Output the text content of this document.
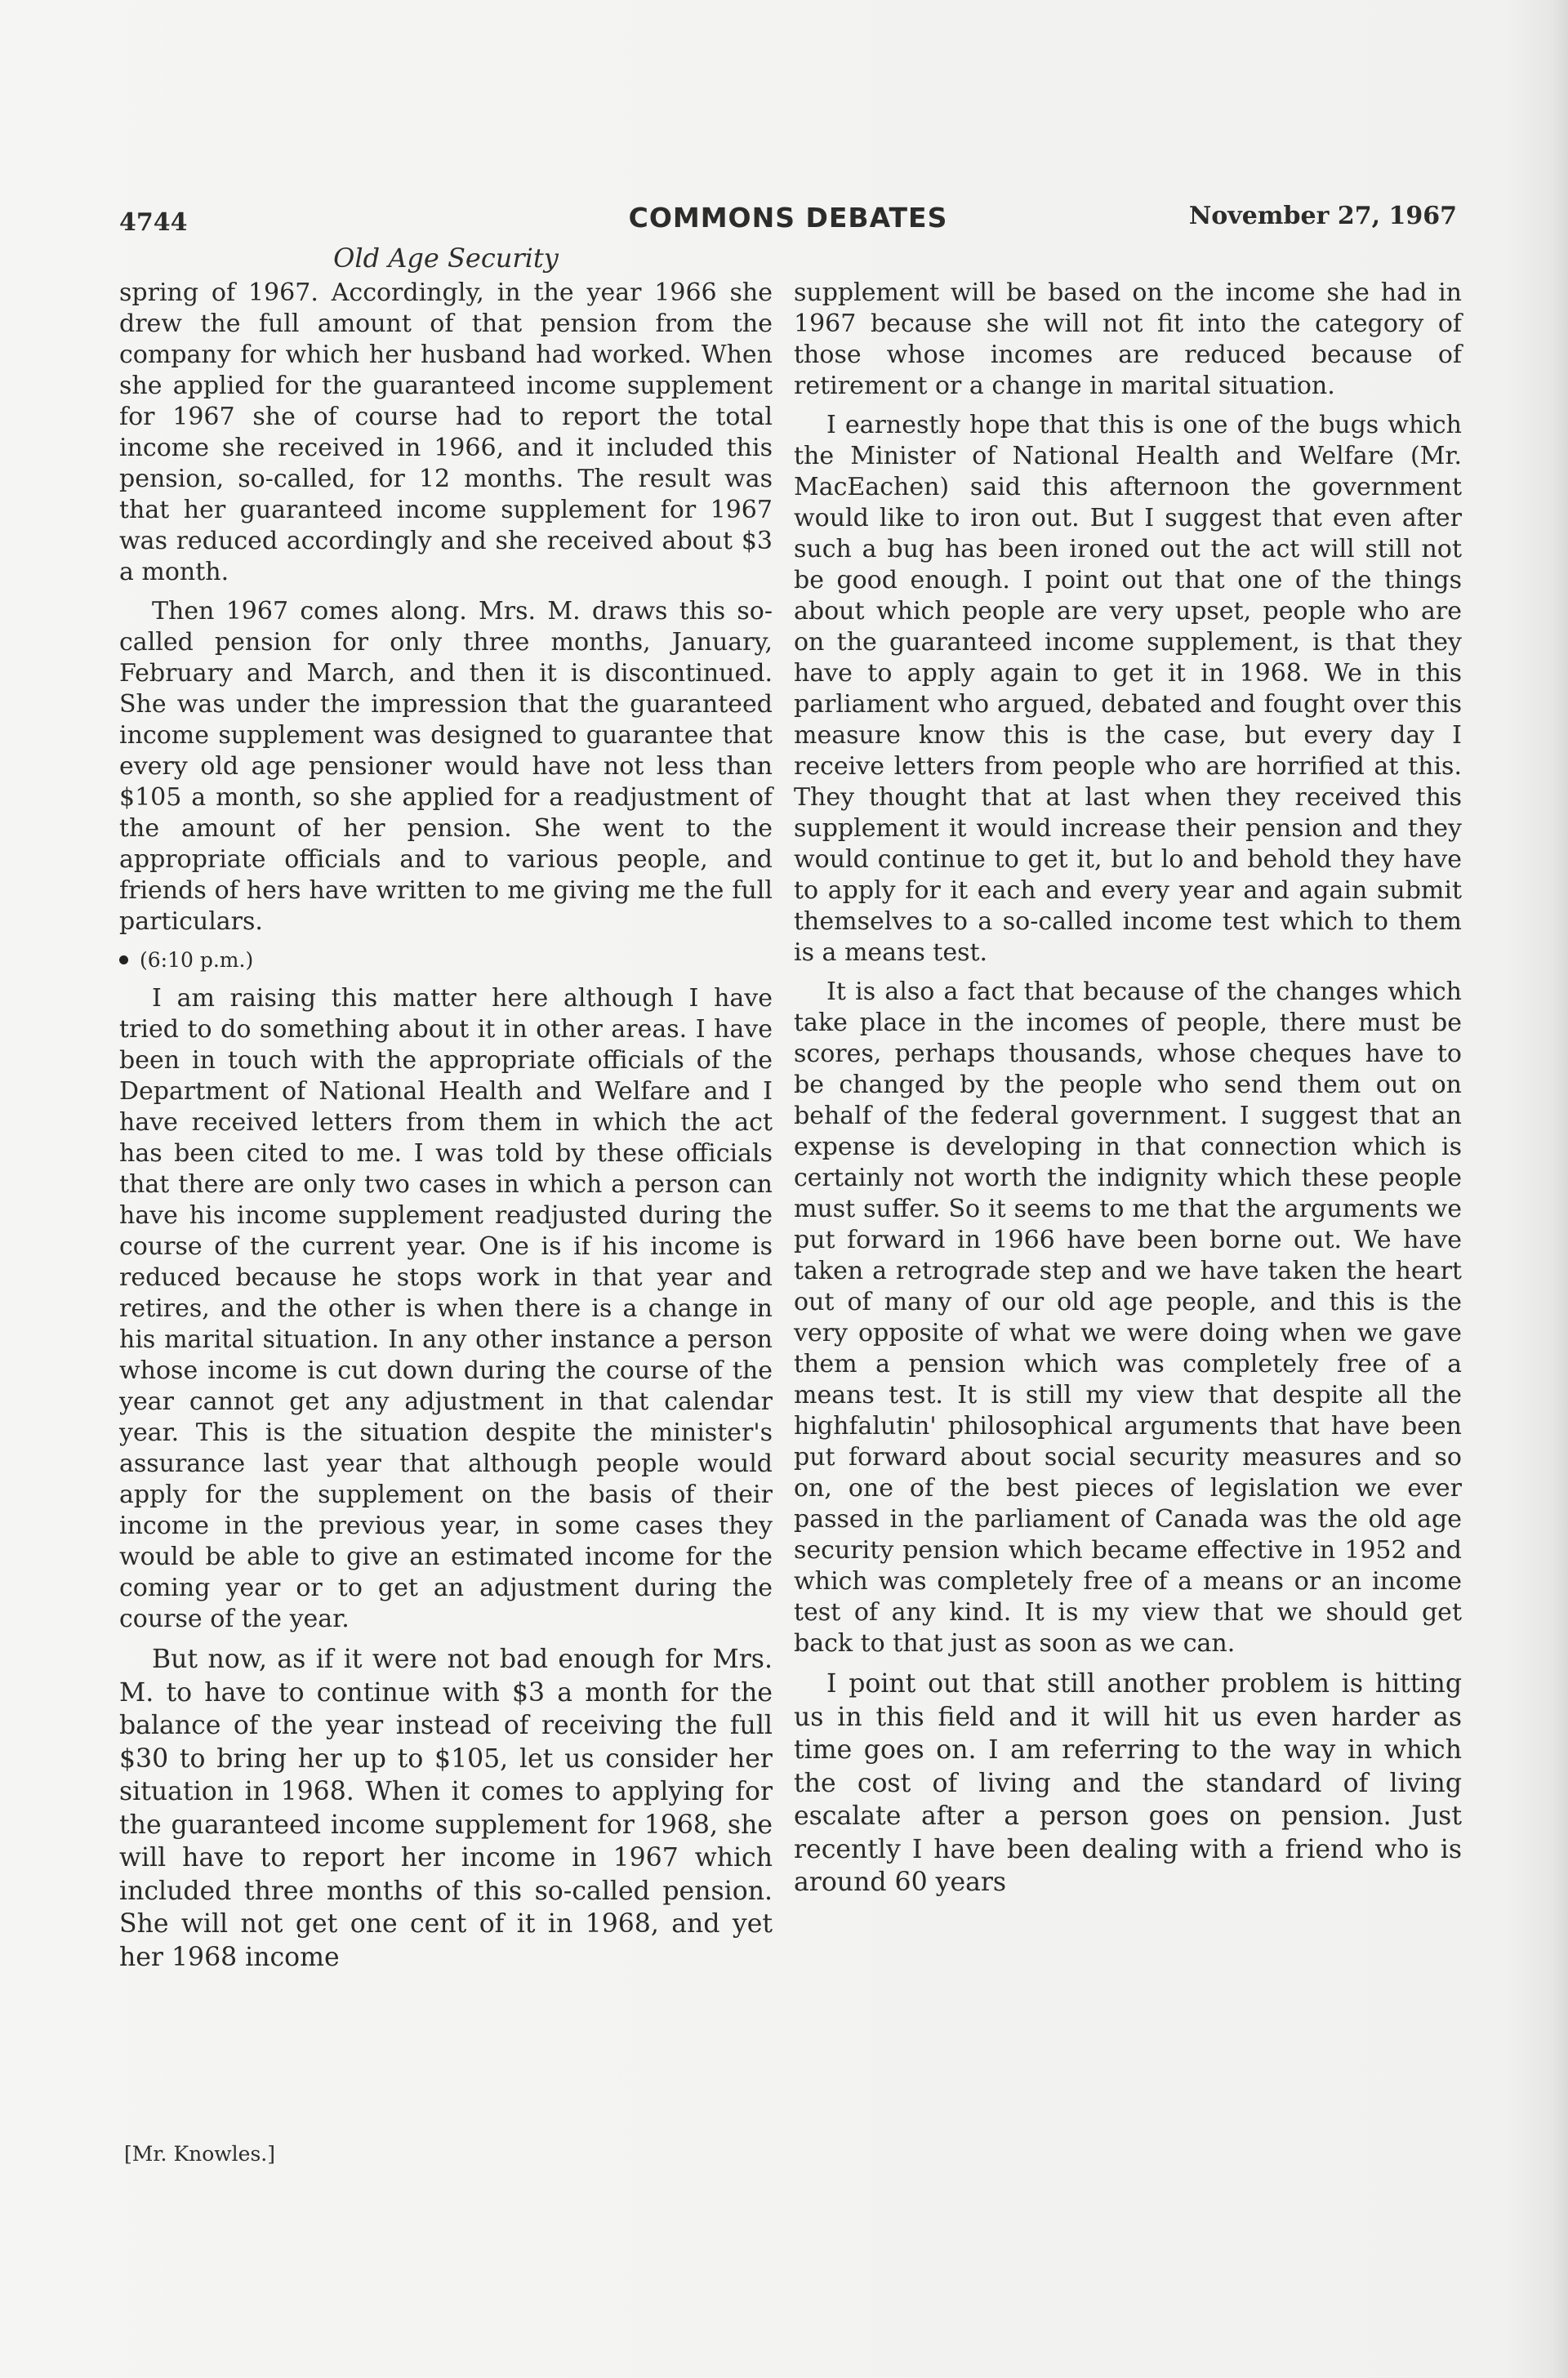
4744	COMMONS DEBATES	November 27, 1967
Old Age Security

spring of 1967. Accordingly, in the year 1966 she drew the full amount of that pension from the company for which her husband had worked. When she applied for the guaranteed income supplement for 1967 she of course had to report the total income she received in 1966, and it included this pension, so-called, for 12 months. The result was that her guaranteed income supplement for 1967 was reduced accordingly and she received about $3 a month.

Then 1967 comes along. Mrs. M. draws this so-called pension for only three months, January, February and March, and then it is discontinued. She was under the impression that the guaranteed income supplement was designed to guarantee that every old age pensioner would have not less than $105 a month, so she applied for a readjustment of the amount of her pension. She went to the appropriate officials and to various people, and friends of hers have written to me giving me the full particulars.

(6:10 p.m.)

I am raising this matter here although I have tried to do something about it in other areas. I have been in touch with the appropriate officials of the Department of National Health and Welfare and I have received letters from them in which the act has been cited to me. I was told by these officials that there are only two cases in which a person can have his income supplement readjusted during the course of the current year. One is if his income is reduced because he stops work in that year and retires, and the other is when there is a change in his marital situation. In any other instance a person whose income is cut down during the course of the year cannot get any adjustment in that calendar year. This is the situation despite the minister's assurance last year that although people would apply for the supplement on the basis of their income in the previous year, in some cases they would be able to give an estimated income for the coming year or to get an adjustment during the course of the year.

But now, as if it were not bad enough for Mrs. M. to have to continue with $3 a month for the balance of the year instead of receiving the full $30 to bring her up to $105, let us consider her situation in 1968. When it comes to applying for the guaranteed income supplement for 1968, she will have to report her income in 1967 which included three months of this so-called pension. She will not get one cent of it in 1968, and yet her 1968 income

supplement will be based on the income she had in 1967 because she will not fit into the category of those whose incomes are reduced because of retirement or a change in marital situation.

I earnestly hope that this is one of the bugs which the Minister of National Health and Welfare (Mr. MacEachen) said this afternoon the government would like to iron out. But I suggest that even after such a bug has been ironed out the act will still not be good enough. I point out that one of the things about which people are very upset, people who are on the guaranteed income supplement, is that they have to apply again to get it in 1968. We in this parliament who argued, debated and fought over this measure know this is the case, but every day I receive letters from people who are horrified at this. They thought that at last when they received this supplement it would increase their pension and they would continue to get it, but lo and behold they have to apply for it each and every year and again submit themselves to a so-called income test which to them is a means test.

It is also a fact that because of the changes which take place in the incomes of people, there must be scores, perhaps thousands, whose cheques have to be changed by the people who send them out on behalf of the federal government. I suggest that an expense is developing in that connection which is certainly not worth the indignity which these people must suffer. So it seems to me that the arguments we put forward in 1966 have been borne out. We have taken a retrograde step and we have taken the heart out of many of our old age people, and this is the very opposite of what we were doing when we gave them a pension which was completely free of a means test. It is still my view that despite all the highfalutin' philosophical arguments that have been put forward about social security measures and so on, one of the best pieces of legislation we ever passed in the parliament of Canada was the old age security pension which became effective in 1952 and which was completely free of a means or an income test of any kind. It is my view that we should get back to that just as soon as we can.

I point out that still another problem is hitting us in this field and it will hit us even harder as time goes on. I am referring to the way in which the cost of living and the standard of living escalate after a person goes on pension. Just recently I have been dealing with a friend who is around 60 years

[Mr. Knowles.]
